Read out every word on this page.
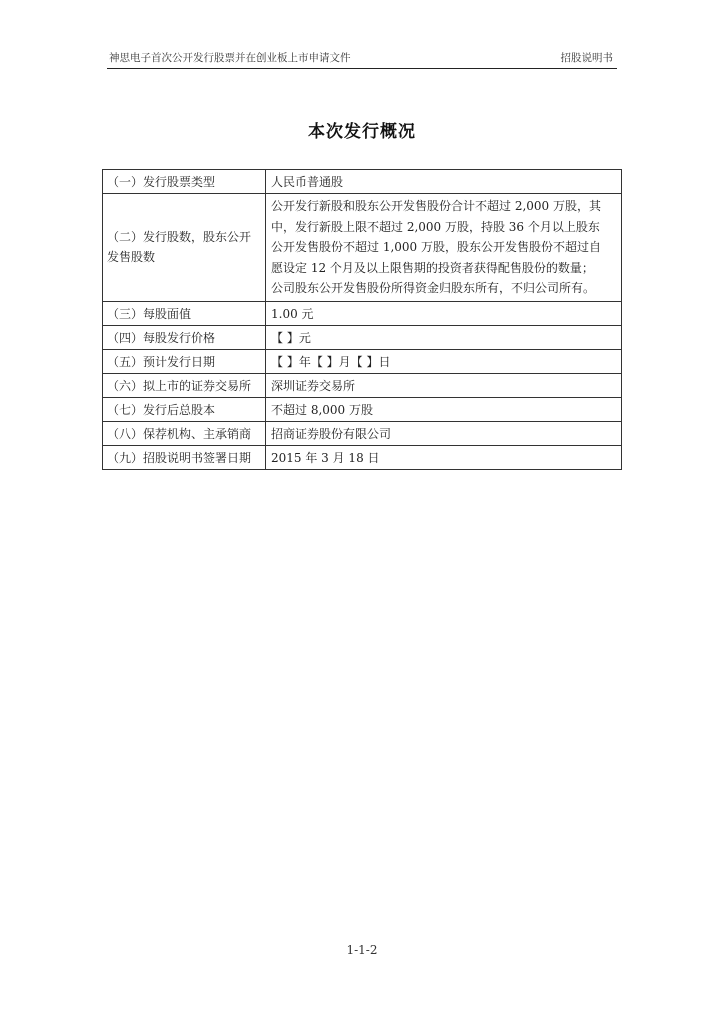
神思电子首次公开发行股票并在创业板上市申请文件	招股说明书
本次发行概况
（一）发行股票类型	人民币普通股
（二）发行股数，股东公开发售股数	公开发行新股和股东公开发售股份合计不超过 2,000 万股，其
中，发行新股上限不超过 2,000 万股，持股 36 个月以上股东
公开发售股份不超过 1,000 万股，股东公开发售股份不超过自
愿设定 12 个月及以上限售期的投资者获得配售股份的数量；
公司股东公开发售股份所得资金归股东所有，不归公司所有。

（三）每股面值	1.00 元
（四）每股发行价格	【 】元
（五）预计发行日期	【 】年【 】月【 】日
（六）拟上市的证券交易所	深圳证券交易所
（七）发行后总股本	不超过 8,000 万股
（八）保荐机构、主承销商	招商证券股份有限公司
（九）招股说明书签署日期	2015 年 3 月 18 日
1-1-2
